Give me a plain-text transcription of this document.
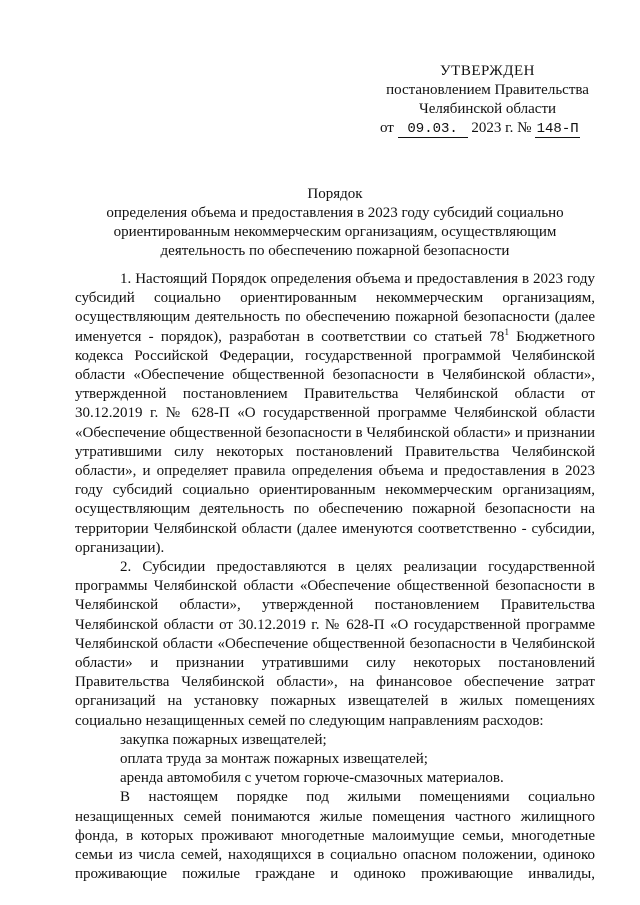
УТВЕРЖДЕН
постановлением Правительства
Челябинской области
от 09.03. 2023 г. № 148-П
Порядок
определения объема и предоставления в 2023 году субсидий социально
ориентированным некоммерческим организациям, осуществляющим
деятельность по обеспечению пожарной безопасности

1. Настоящий Порядок определения объема и предоставления в 2023 году субсидий социально ориентированным некоммерческим организациям, осуществляющим деятельность по обеспечению пожарной безопасности (далее именуется - порядок), разработан в соответствии со статьей $78^1$ Бюджетного кодекса Российской Федерации, государственной программой Челябинской области «Обеспечение общественной безопасности в Челябинской области», утвержденной постановлением Правительства Челябинской области от 30.12.2019 г. № 628-П «О государственной программе Челябинской области «Обеспечение общественной безопасности в Челябинской области» и признании утратившими силу некоторых постановлений Правительства Челябинской области», и определяет правила определения объема и предоставления в 2023 году субсидий социально ориентированным некоммерческим организациям, осуществляющим деятельность по обеспечению пожарной безопасности на территории Челябинской области (далее именуются соответственно - субсидии, организации).

2. Субсидии предоставляются в целях реализации государственной программы Челябинской области «Обеспечение общественной безопасности в Челябинской области», утвержденной постановлением Правительства Челябинской области от 30.12.2019 г. № 628-П «О государственной программе Челябинской области «Обеспечение общественной безопасности в Челябинской области» и признании утратившими силу некоторых постановлений Правительства Челябинской области», на финансовое обеспечение затрат организаций на установку пожарных извещателей в жилых помещениях социально незащищенных семей по следующим направлениям расходов:

закупка пожарных извещателей;

оплата труда за монтаж пожарных извещателей;

аренда автомобиля с учетом горюче-смазочных материалов.

В настоящем порядке под жилыми помещениями социально незащищенных семей понимаются жилые помещения частного жилищного фонда, в которых проживают многодетные малоимущие семьи, многодетные семьи из числа семей, находящихся в социально опасном положении, одиноко проживающие пожилые граждане и одиноко проживающие инвалиды,
